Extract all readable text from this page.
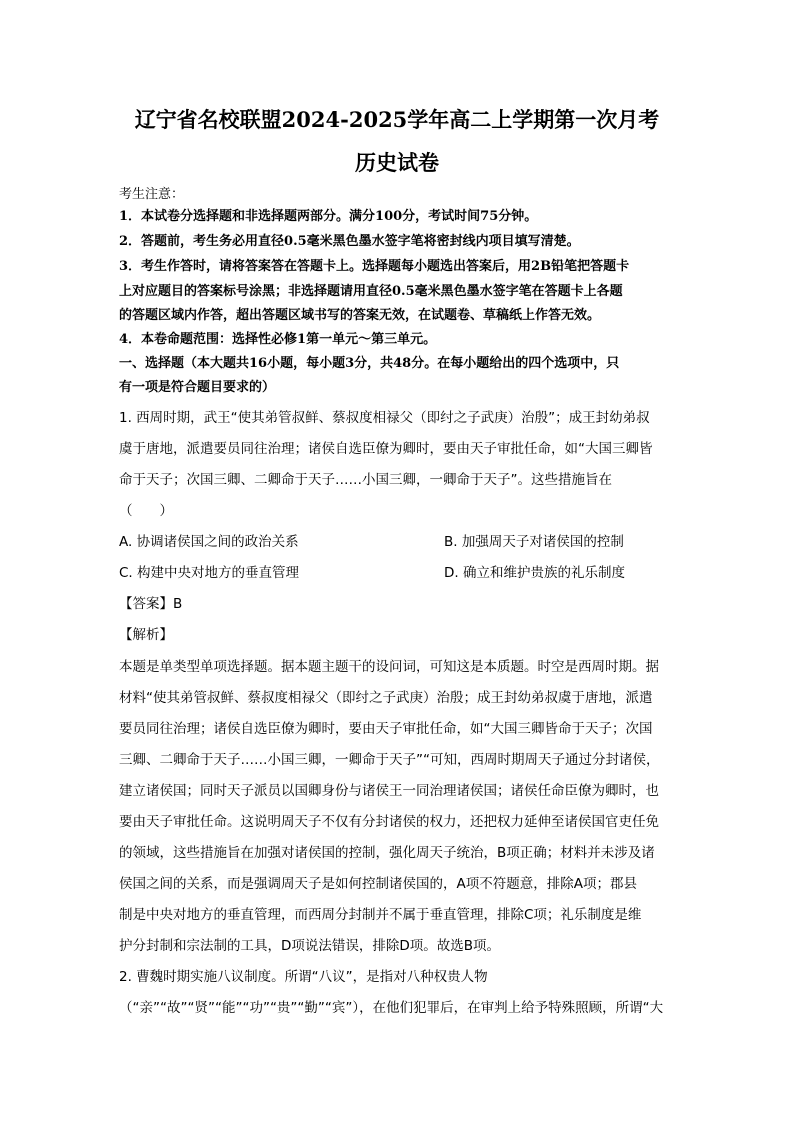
辽宁省名校联盟2024-2025学年高二上学期第一次月考
历史试卷
考生注意：
1．本试卷分选择题和非选择题两部分。满分100分，考试时间75分钟。
2．答题前，考生务必用直径0.5毫米黑色墨水签字笔将密封线内项目填写清楚。
3．考生作答时，请将答案答在答题卡上。选择题每小题选出答案后，用2B铅笔把答题卡
上对应题目的答案标号涂黑；非选择题请用直径0.5毫米黑色墨水签字笔在答题卡上各题
的答题区域内作答，超出答题区域书写的答案无效，在试题卷、草稿纸上作答无效。
4．本卷命题范围：选择性必修1第一单元～第三单元。
一、选择题（本大题共16小题，每小题3分，共48分。在每小题给出的四个选项中，只
有一项是符合题目要求的）
1. 西周时期，武王“使其弟管叔鲜、蔡叔度相禄父（即纣之子武庚）治殷”；成王封幼弟叔
虞于唐地，派遣要员同往治理；诸侯自选臣僚为卿时，要由天子审批任命，如“大国三卿皆
命于天子；次国三卿、二卿命于天子……小国三卿，一卿命于天子”。这些措施旨在
（　　）
A. 协调诸侯国之间的政治关系	B. 加强周天子对诸侯国的控制
C. 构建中央对地方的垂直管理	D. 确立和维护贵族的礼乐制度
【答案】B
【解析】
本题是单类型单项选择题。据本题主题干的设问词，可知这是本质题。时空是西周时期。据
材料“使其弟管叔鲜、蔡叔度相禄父（即纣之子武庚）治殷；成王封幼弟叔虞于唐地，派遣
要员同往治理；诸侯自选臣僚为卿时，要由天子审批任命，如“大国三卿皆命于天子；次国
三卿、二卿命于天子……小国三卿，一卿命于天子”“可知，西周时期周天子通过分封诸侯，
建立诸侯国；同时天子派员以国卿身份与诸侯王一同治理诸侯国；诸侯任命臣僚为卿时，也
要由天子审批任命。这说明周天子不仅有分封诸侯的权力，还把权力延伸至诸侯国官吏任免
的领域，这些措施旨在加强对诸侯国的控制，强化周天子统治，B项正确；材料并未涉及诸
侯国之间的关系，而是强调周天子是如何控制诸侯国的，A项不符题意，排除A项；郡县
制是中央对地方的垂直管理，而西周分封制并不属于垂直管理，排除C项；礼乐制度是维
护分封制和宗法制的工具，D项说法错误，排除D项。故选B项。
2. 曹魏时期实施八议制度。所谓“八议”，是指对八种权贵人物
（“亲”“故”“贤”“能”“功”“贵”“勤”“宾”），在他们犯罪后，在审判上给予特殊照顾，所谓“大
